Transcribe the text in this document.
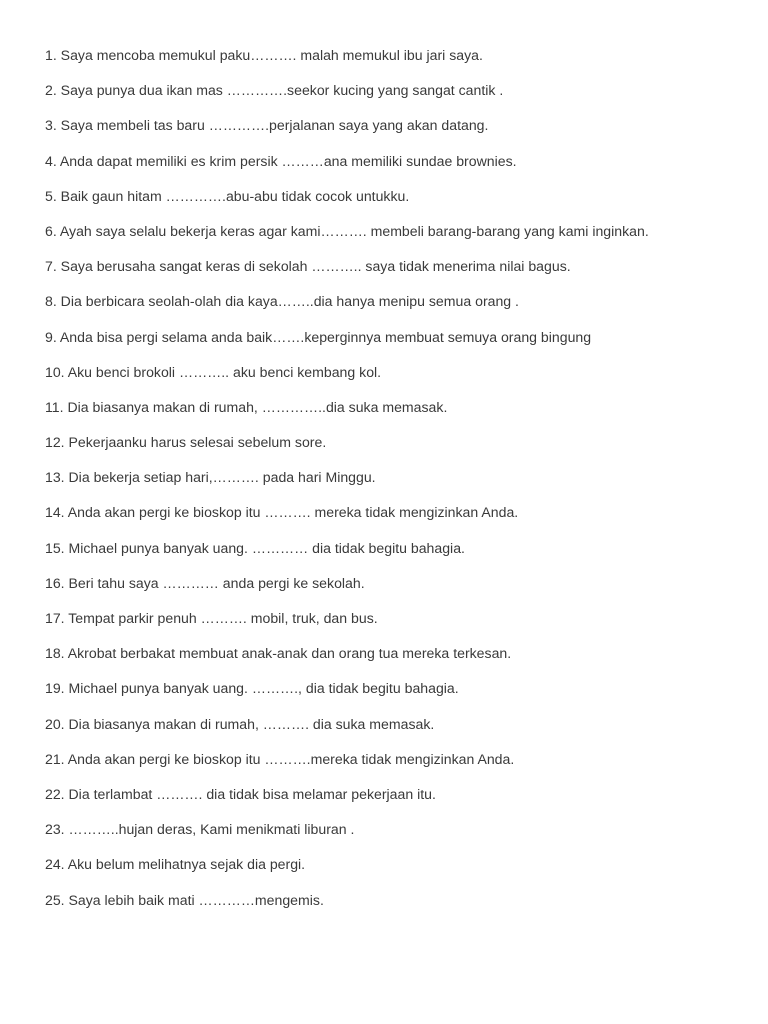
1. Saya mencoba memukul paku………. malah memukul ibu jari saya.
2. Saya punya dua ikan mas ………….seekor kucing yang sangat cantik .
3. Saya membeli tas baru ………….perjalanan saya yang akan datang.
4. Anda dapat memiliki es krim persik ………ana memiliki sundae brownies.
5. Baik gaun hitam ………….abu-abu tidak cocok untukku.
6. Ayah saya selalu bekerja keras agar kami………. membeli barang-barang yang kami inginkan.
7. Saya berusaha sangat keras di sekolah ……….. saya tidak menerima nilai bagus.
8. Dia berbicara seolah-olah dia kaya……..dia hanya menipu semua orang .
9. Anda bisa pergi selama anda baik…….keperginnya membuat semuya orang bingung
10. Aku benci brokoli ……….. aku benci kembang kol.
11. Dia biasanya makan di rumah, …………..dia suka memasak.
12. Pekerjaanku harus selesai sebelum sore.
13. Dia bekerja setiap hari,………. pada hari Minggu.
14. Anda akan pergi ke bioskop itu ………. mereka tidak mengizinkan Anda.
15. Michael punya banyak uang. ………… dia tidak begitu bahagia.
16. Beri tahu saya ………… anda pergi ke sekolah.
17. Tempat parkir penuh ………. mobil, truk, dan bus.
18. Akrobat berbakat membuat anak-anak dan orang tua mereka terkesan.
19. Michael punya banyak uang. ………., dia tidak begitu bahagia.
20. Dia biasanya makan di rumah, ………. dia suka memasak.
21. Anda akan pergi ke bioskop itu ……….mereka tidak mengizinkan Anda.
22. Dia terlambat ………. dia tidak bisa melamar pekerjaan itu.
23. ………..hujan deras, Kami menikmati liburan .
24. Aku belum melihatnya sejak dia pergi.
25. Saya lebih baik mati …………mengemis.
